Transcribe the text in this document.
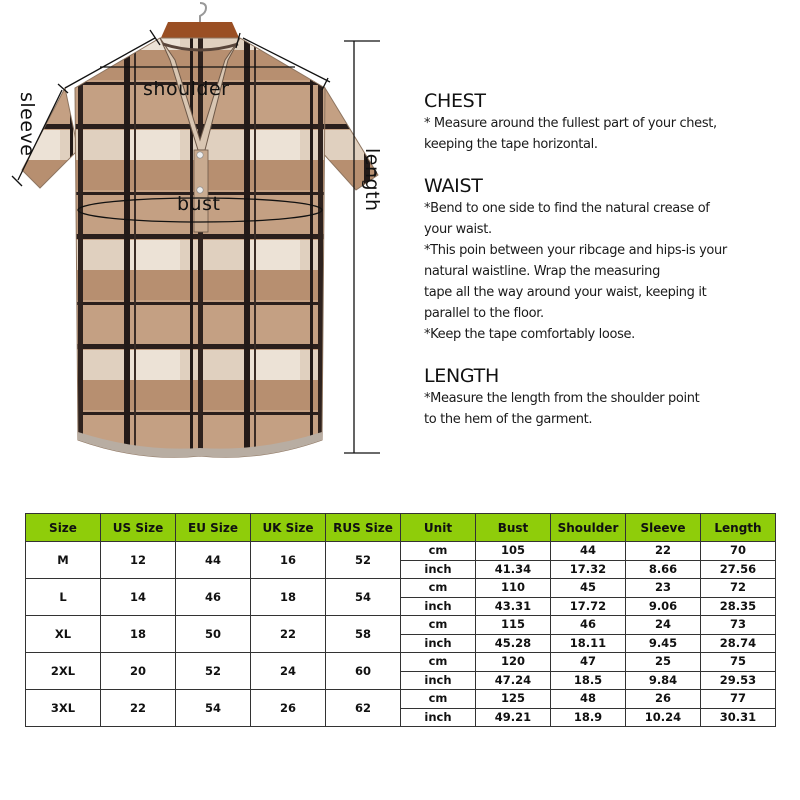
shoulder
bust
sleeve
length
CHEST
* Measure around the fullest part of your chest,
keeping the tape horizontal.
WAIST
*Bend to one side to find the natural crease of
your waist.
*This poin between your ribcage and hips-is your
natural waistline. Wrap the measuring
tape all the way around your waist, keeping it
parallel to the floor.
*Keep the tape comfortably loose.
LENGTH
*Measure the length from the shoulder point
to the hem of the garment.
Size	US Size	EU Size	UK Size	RUS Size	Unit	Bust	Shoulder	Sleeve	Length
M	12	44	16	52	cm	105	44	22	70
					inch	41.34	17.32	8.66	27.56
L	14	46	18	54	cm	110	45	23	72
					inch	43.31	17.72	9.06	28.35
XL	18	50	22	58	cm	115	46	24	73
					inch	45.28	18.11	9.45	28.74
2XL	20	52	24	60	cm	120	47	25	75
					inch	47.24	18.5	9.84	29.53
3XL	22	54	26	62	cm	125	48	26	77
					inch	49.21	18.9	10.24	30.31
